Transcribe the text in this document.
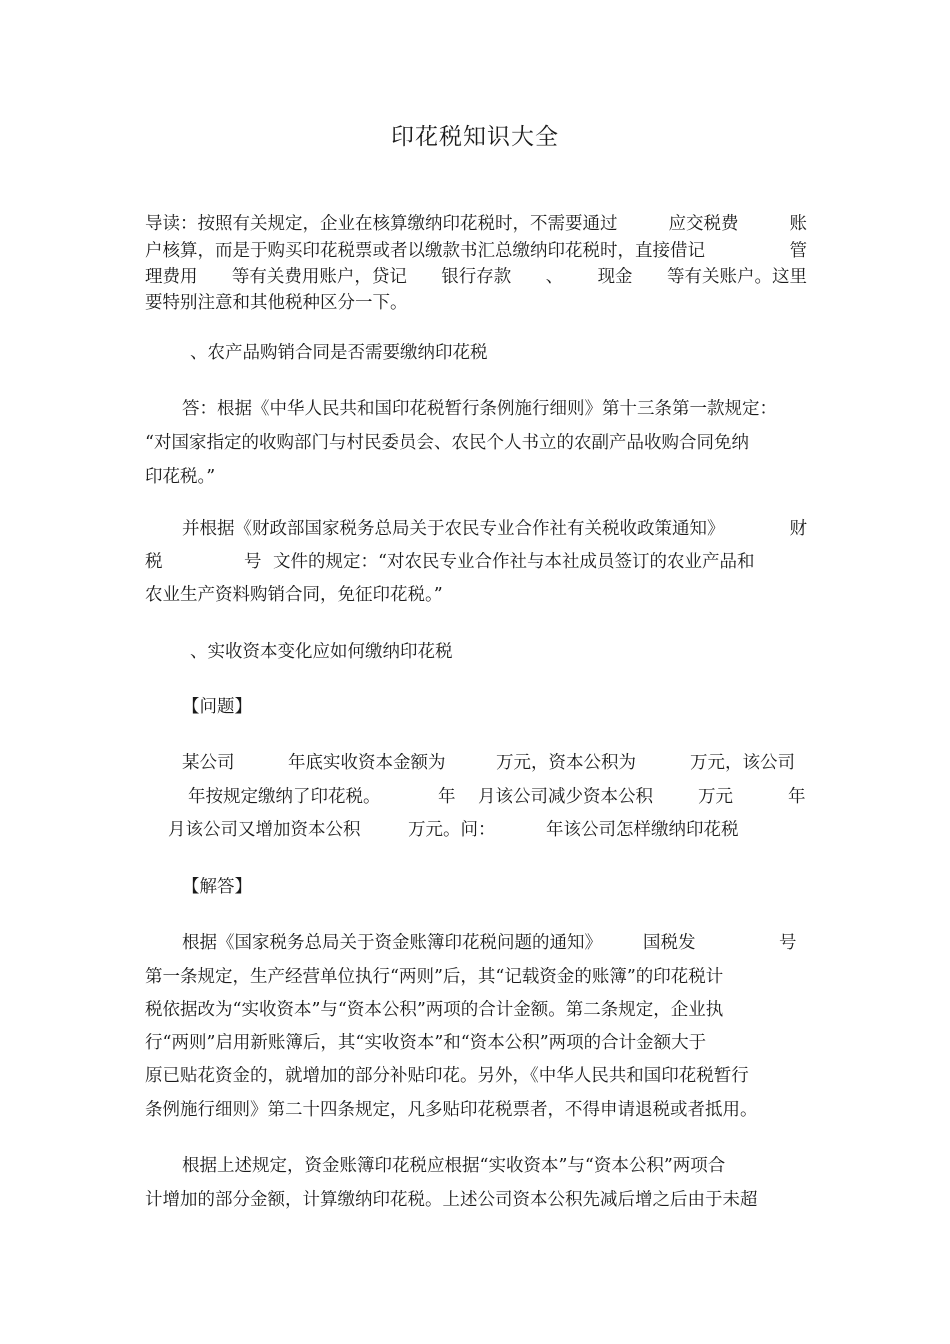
印花税知识大全
导读：按照有关规定，企业在核算缴纳印花税时，不需要通过	应交税费	账
户核算，而是于购买印花税票或者以缴款书汇总缴纳印花税时，直接借记	管
理费用 等有关费用账户，贷记 银行存款 、 现金 等有关账户。这里
要特别注意和其他税种区分一下。
、农产品购销合同是否需要缴纳印花税
答：根据《中华人民共和国印花税暂行条例施行细则》第十三条第一款规定：
“对国家指定的收购部门与村民委员会、农民个人书立的农副产品收购合同免纳
印花税。”
并根据《财政部国家税务总局关于农民专业合作社有关税收政策通知》	财
税	号 文件的规定：“对农民专业合作社与本社成员签订的农业产品和
农业生产资料购销合同，免征印花税。”
、实收资本变化应如何缴纳印花税
【问题】
某公司	年底实收资本金额为	万元，资本公积为	万元，该公司
年按规定缴纳了印花税。	年 月该公司减少资本公积	万元	年
月该公司又增加资本公积	万元。问：	年该公司怎样缴纳印花税
【解答】
根据《国家税务总局关于资金账簿印花税问题的通知》 国税发	号
第一条规定，生产经营单位执行“两则”后，其“记载资金的账簿”的印花税计
税依据改为“实收资本”与“资本公积”两项的合计金额。第二条规定，企业执
行“两则”启用新账簿后，其“实收资本”和“资本公积”两项的合计金额大于
原已贴花资金的，就增加的部分补贴印花。另外，《中华人民共和国印花税暂行
条例施行细则》第二十四条规定，凡多贴印花税票者，不得申请退税或者抵用。
根据上述规定，资金账簿印花税应根据“实收资本”与“资本公积”两项合
计增加的部分金额，计算缴纳印花税。上述公司资本公积先减后增之后由于未超
